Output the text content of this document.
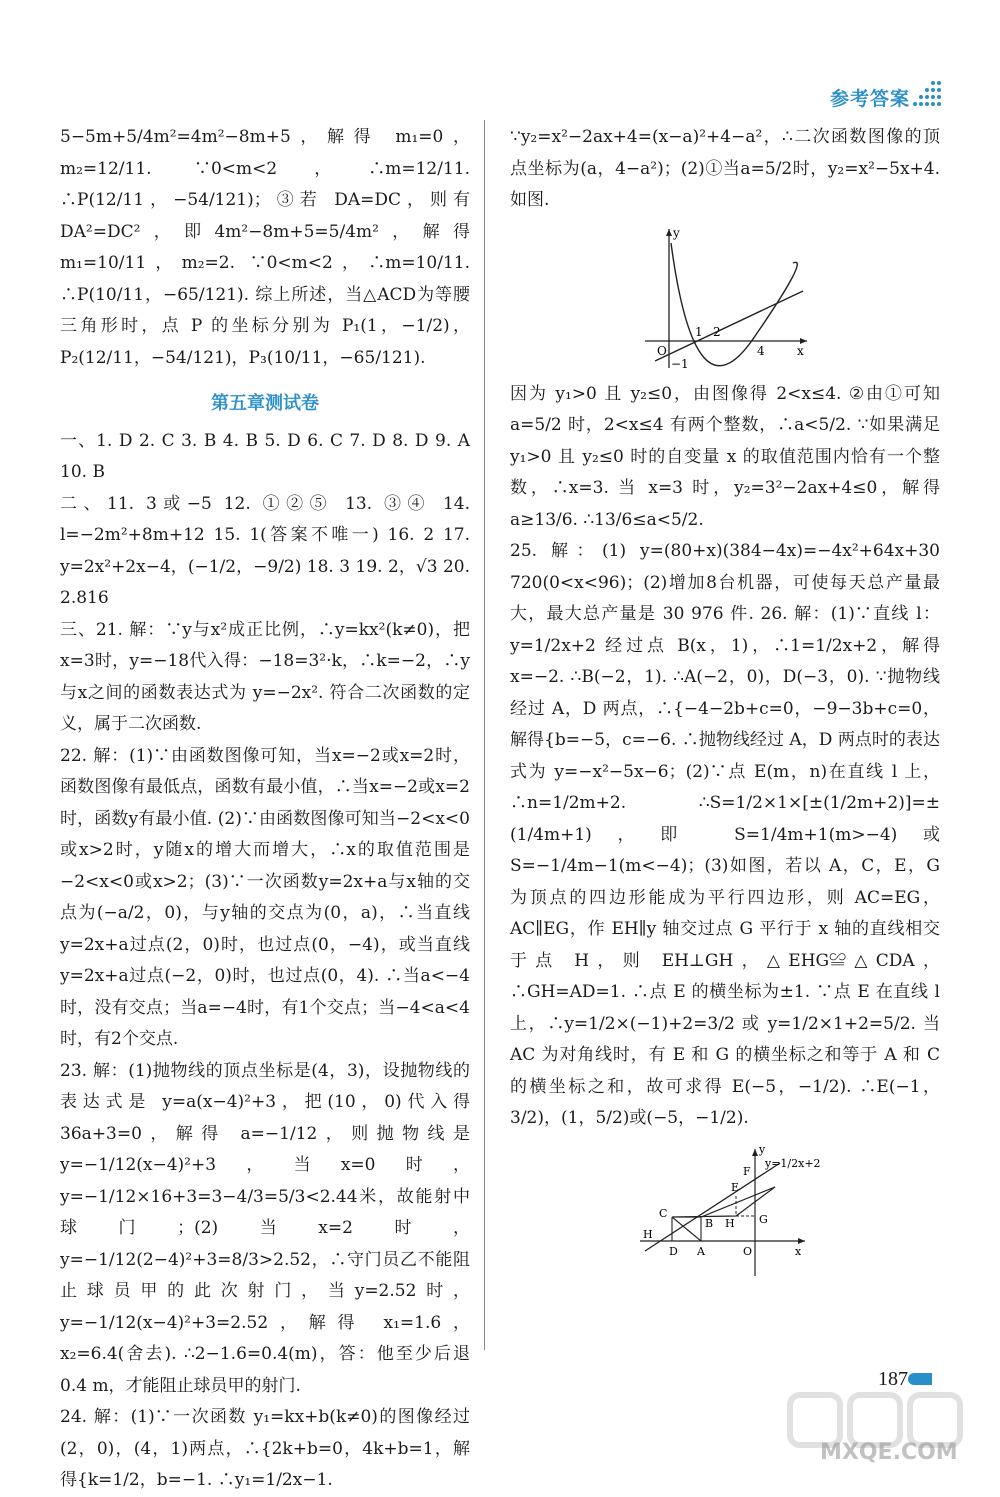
参考答案

5−5m+5/4m²=4m²−8m+5，解得 m₁=0，m₂=12/11. ∵0<m<2，∴m=12/11. ∴P(12/11，−54/121)；③若 DA=DC，则有 DA²=DC²，即4m²−8m+5=5/4m²，解得 m₁=10/11，m₂=2. ∵0<m<2，∴m=10/11. ∴P(10/11，−65/121). 综上所述，当△ACD为等腰三角形时，点 P 的坐标分别为 P₁(1，−1/2)，P₂(12/11，−54/121)，P₃(10/11，−65/121).

第五章测试卷

一、1. D 2. C 3. B 4. B 5. D 6. C 7. D 8. D 9. A 10. B

二、11. 3或−5 12. ①②⑤ 13. ③④ 14. l=−2m²+8m+12 15. 1(答案不唯一) 16. 2 17. y=2x²+2x−4，(−1/2，−9/2) 18. 3 19. 2，√3 20. 2.816

三、21. 解：∵y与x²成正比例，∴y=kx²(k≠0)，把x=3时，y=−18代入得：−18=3²·k，∴k=−2，∴y与x之间的函数表达式为 y=−2x². 符合二次函数的定义，属于二次函数.

22. 解：(1)∵由函数图像可知，当x=−2或x=2时，函数图像有最低点，函数有最小值，∴当x=−2或x=2时，函数y有最小值. (2)∵由函数图像可知当−2<x<0或x>2时，y随x的增大而增大，∴x的取值范围是−2<x<0或x>2；(3)∵一次函数y=2x+a与x轴的交点为(−a/2，0)，与y轴的交点为(0，a)，∴当直线y=2x+a过点(2，0)时，也过点(0，−4)，或当直线y=2x+a过点(−2，0)时，也过点(0，4). ∴当a<−4时，没有交点；当a=−4时，有1个交点；当−4<a<4时，有2个交点.

23. 解：(1)抛物线的顶点坐标是(4，3)，设抛物线的表达式是 y=a(x−4)²+3，把(10，0)代入得 36a+3=0，解得 a=−1/12，则抛物线是 y=−1/12(x−4)²+3，当x=0时，y=−1/12×16+3=3−4/3=5/3<2.44米，故能射中球门；(2)当x=2时，y=−1/12(2−4)²+3=8/3>2.52，∴守门员乙不能阻止球员甲的此次射门，当y=2.52时，y=−1/12(x−4)²+3=2.52，解得 x₁=1.6，x₂=6.4(舍去). ∴2−1.6=0.4(m)，答：他至少后退0.4 m，才能阻止球员甲的射门.

24. 解：(1)∵一次函数 y₁=kx+b(k≠0)的图像经过(2，0)，(4，1)两点，∴{2k+b=0，4k+b=1，解得{k=1/2，b=−1. ∴y₁=1/2x−1.

∵y₂=x²−2ax+4=(x−a)²+4−a²，∴二次函数图像的顶点坐标为(a，4−a²)；(2)①当a=5/2时，y₂=x²−5x+4. 如图.

y
O	x
1 2
4
−1

因为 y₁>0 且 y₂≤0，由图像得 2<x≤4. ②由①可知 a=5/2 时，2<x≤4 有两个整数，∴a<5/2. ∵如果满足 y₁>0 且 y₂≤0 时的自变量 x 的取值范围内恰有一个整数，∴x=3. 当 x=3 时，y₂=3²−2ax+4≤0，解得 a≥13/6. ∴13/6≤a<5/2.

25. 解：(1) y=(80+x)(384−4x)=−4x²+64x+30 720(0<x<96)；(2)增加8台机器，可使每天总产量最大，最大总产量是 30 976 件. 26. 解：(1)∵直线 l：y=1/2x+2 经过点 B(x，1)，∴1=1/2x+2，解得 x=−2. ∴B(−2，1). ∴A(−2，0)，D(−3，0). ∵抛物线经过 A，D 两点，∴{−4−2b+c=0，−9−3b+c=0，解得{b=−5，c=−6. ∴抛物线经过 A，D 两点时的表达式为 y=−x²−5x−6；(2)∵点 E(m，n)在直线 l 上，∴n=1/2m+2. ∴S=1/2×1×[±(1/2m+2)]=±(1/4m+1)，即 S=1/4m+1(m>−4)或 S=−1/4m−1(m<−4)；(3)如图，若以 A，C，E，G 为顶点的四边形能成为平行四边形，则 AC=EG，AC∥EG，作 EH∥y 轴交过点 G 平行于 x 轴的直线相交于点 H，则 EH⊥GH，△EHG≌△CDA，∴GH=AD=1. ∴点 E 的横坐标为±1. ∵点 E 在直线 l 上，∴y=1/2×(−1)+2=3/2 或 y=1/2×1+2=5/2. 当 AC 为对角线时，有 E 和 G 的横坐标之和等于 A 和 C 的横坐标之和，故可求得 E(−5，−1/2). ∴E(−1，3/2)，(1，5/2)或(−5，−1/2).

y
y=1/2x+2
F
E
C
B H G
H
D A	O	x
187
MXQE.COM
